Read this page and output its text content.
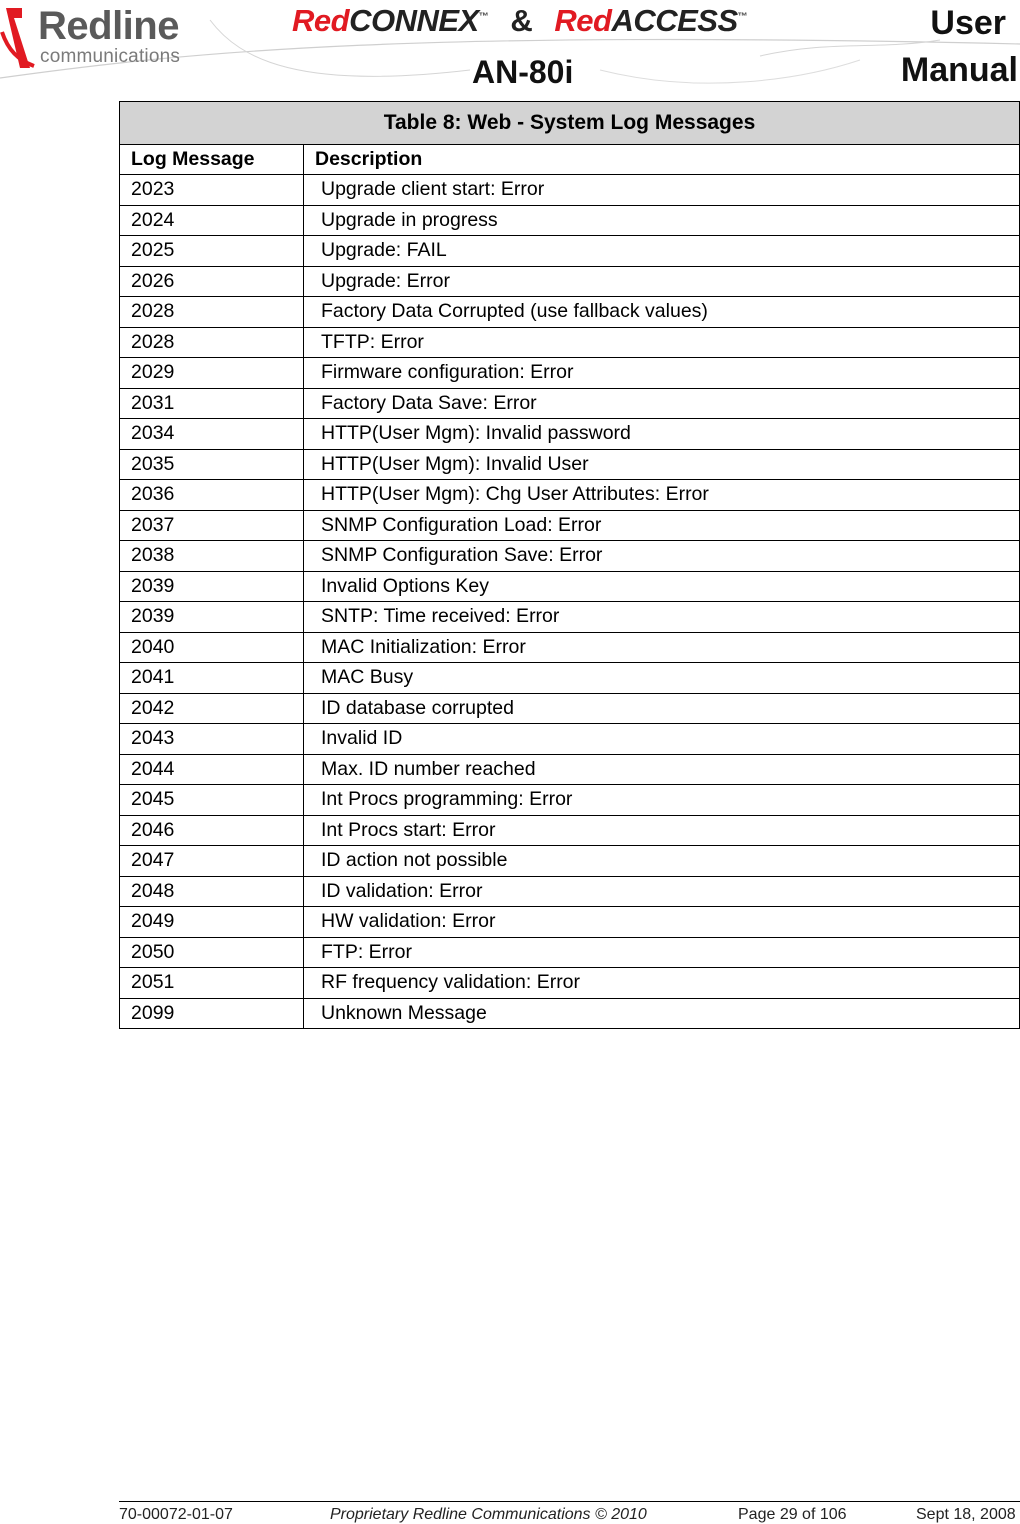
Redline
communications
RedCONNEX™ & RedACCESS™
AN-80i
User
Manual
Table 8: Web - System Log Messages	
Log Message	Description
2023	Upgrade client start: Error
2024	Upgrade in progress
2025	Upgrade: FAIL
2026	Upgrade: Error
2028	Factory Data Corrupted (use fallback values)
2028	TFTP: Error
2029	Firmware configuration: Error
2031	Factory Data Save: Error
2034	HTTP(User Mgm): Invalid password
2035	HTTP(User Mgm): Invalid User
2036	HTTP(User Mgm): Chg User Attributes: Error
2037	SNMP Configuration Load: Error
2038	SNMP Configuration Save: Error
2039	Invalid Options Key
2039	SNTP: Time received: Error
2040	MAC Initialization: Error
2041	MAC Busy
2042	ID database corrupted
2043	Invalid ID
2044	Max. ID number reached
2045	Int Procs programming: Error
2046	Int Procs start: Error
2047	ID action not possible
2048	ID validation: Error
2049	HW validation: Error
2050	FTP: Error
2051	RF frequency validation: Error
2099	Unknown Message
70-00072-01-07	Proprietary Redline Communications © 2010	Page 29 of 106	Sept 18, 2008
